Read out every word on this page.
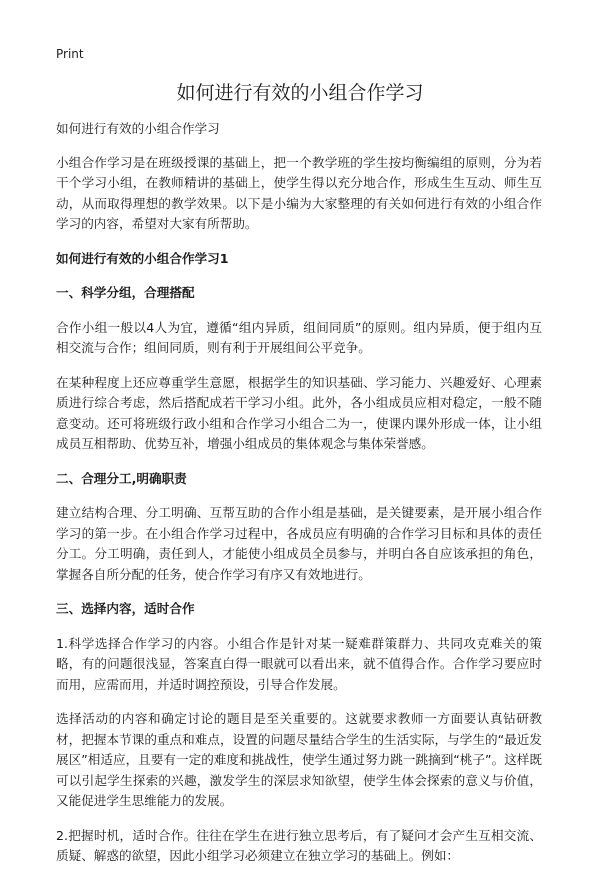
Print
如何进行有效的小组合作学习

如何进行有效的小组合作学习

小组合作学习是在班级授课的基础上，把一个教学班的学生按均衡编组的原则，分为若干个学习小组，在教师精讲的基础上，使学生得以充分地合作，形成生生互动、师生互动，从而取得理想的教学效果。以下是小编为大家整理的有关如何进行有效的小组合作学习的内容，希望对大家有所帮助。

如何进行有效的小组合作学习1

一、科学分组，合理搭配

合作小组一般以4人为宜，遵循“组内异质，组间同质”的原则。组内异质，便于组内互相交流与合作；组间同质，则有利于开展组间公平竞争。

在某种程度上还应尊重学生意愿，根据学生的知识基础、学习能力、兴趣爱好、心理素质进行综合考虑，然后搭配成若干学习小组。此外，各小组成员应相对稳定，一般不随意变动。还可将班级行政小组和合作学习小组合二为一，使课内课外形成一体，让小组成员互相帮助、优势互补，增强小组成员的集体观念与集体荣誉感。

二、合理分工,明确职责

建立结构合理、分工明确、互帮互助的合作小组是基础，是关键要素，是开展小组合作学习的第一步。在小组合作学习过程中，各成员应有明确的合作学习目标和具体的责任分工。分工明确，责任到人，才能使小组成员全员参与，并明白各自应该承担的角色，掌握各自所分配的任务，使合作学习有序又有效地进行。

三、选择内容，适时合作

1.科学选择合作学习的内容。小组合作是针对某一疑难群策群力、共同攻克难关的策略，有的问题很浅显，答案直白得一眼就可以看出来，就不值得合作。合作学习要应时而用，应需而用，并适时调控预设，引导合作发展。

选择活动的内容和确定讨论的题目是至关重要的。这就要求教师一方面要认真钻研教材，把握本节课的重点和难点，设置的问题尽量结合学生的生活实际，与学生的“最近发展区”相适应，且要有一定的难度和挑战性，使学生通过努力跳一跳摘到“桃子”。这样既可以引起学生探索的兴趣，激发学生的深层求知欲望，使学生体会探索的意义与价值，又能促进学生思维能力的发展。

2.把握时机，适时合作。往往在学生在进行独立思考后，有了疑问才会产生互相交流、质疑、解惑的欲望，因此小组学习必须建立在独立学习的基础上。例如：
